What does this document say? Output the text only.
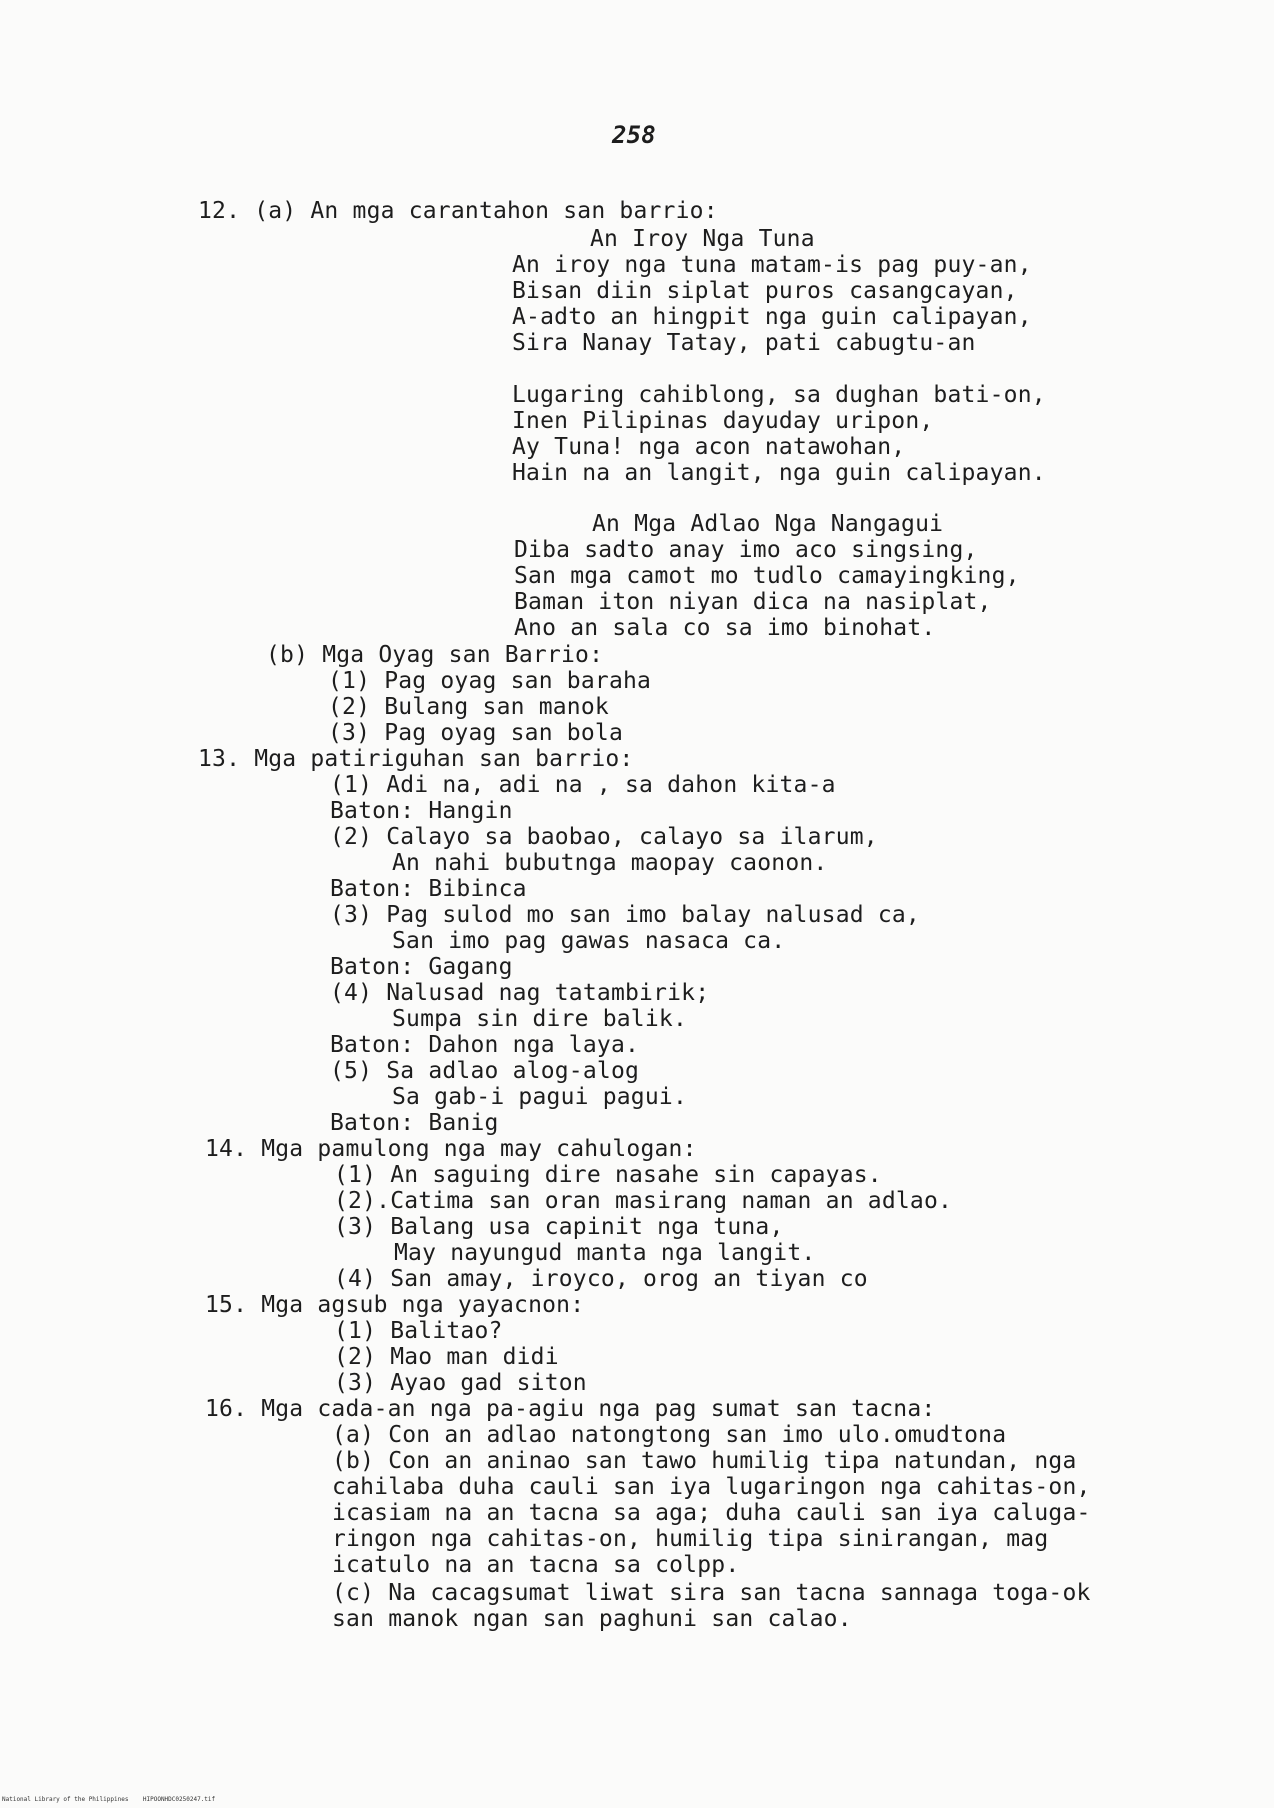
258
12. (a) An mga carantahon san barrio:
An Iroy Nga Tuna
An iroy nga tuna matam-is pag puy-an,
Bisan diin siplat puros casangcayan,
A-adto an hingpit nga guin calipayan,
Sira Nanay Tatay, pati cabugtu-an
Lugaring cahiblong, sa dughan bati-on,
Inen Pilipinas dayuday uripon,
Ay Tuna! nga acon natawohan,
Hain na an langit, nga guin calipayan.
An Mga Adlao Nga Nangagui
Diba sadto anay imo aco singsing,
San mga camot mo tudlo camayingking,
Baman iton niyan dica na nasiplat,
Ano an sala co sa imo binohat.
(b) Mga Oyag san Barrio:
(1) Pag oyag san baraha
(2) Bulang san manok
(3) Pag oyag san bola
13. Mga patiriguhan san barrio:
(1) Adi na, adi na , sa dahon kita-a
Baton: Hangin
(2) Calayo sa baobao, calayo sa ilarum,
An nahi bubutnga maopay caonon.
Baton: Bibinca
(3) Pag sulod mo san imo balay nalusad ca,
San imo pag gawas nasaca ca.
Baton: Gagang
(4) Nalusad nag tatambirik;
Sumpa sin dire balik.
Baton: Dahon nga laya.
(5) Sa adlao alog-alog
Sa gab-i pagui pagui.
Baton: Banig
14. Mga pamulong nga may cahulogan:
(1) An saguing dire nasahe sin capayas.
(2).Catima san oran masirang naman an adlao.
(3) Balang usa capinit nga tuna,
May nayungud manta nga langit.
(4) San amay, iroyco, orog an tiyan co
15. Mga agsub nga yayacnon:
(1) Balitao?
(2) Mao man didi
(3) Ayao gad siton
16. Mga cada-an nga pa-agiu nga pag sumat san tacna:
(a) Con an adlao natongtong san imo ulo.omudtona
(b) Con an aninao san tawo humilig tipa natundan, nga
cahilaba duha cauli san iya lugaringon nga cahitas-on,
icasiam na an tacna sa aga; duha cauli san iya caluga-
ringon nga cahitas-on, humilig tipa sinirangan, mag
icatulo na an tacna sa colpp.
(c) Na cacagsumat liwat sira san tacna sannaga toga-ok
san manok ngan san paghuni san calao.
National Library of the Philippines    HIPOONHDC0250247.tif
